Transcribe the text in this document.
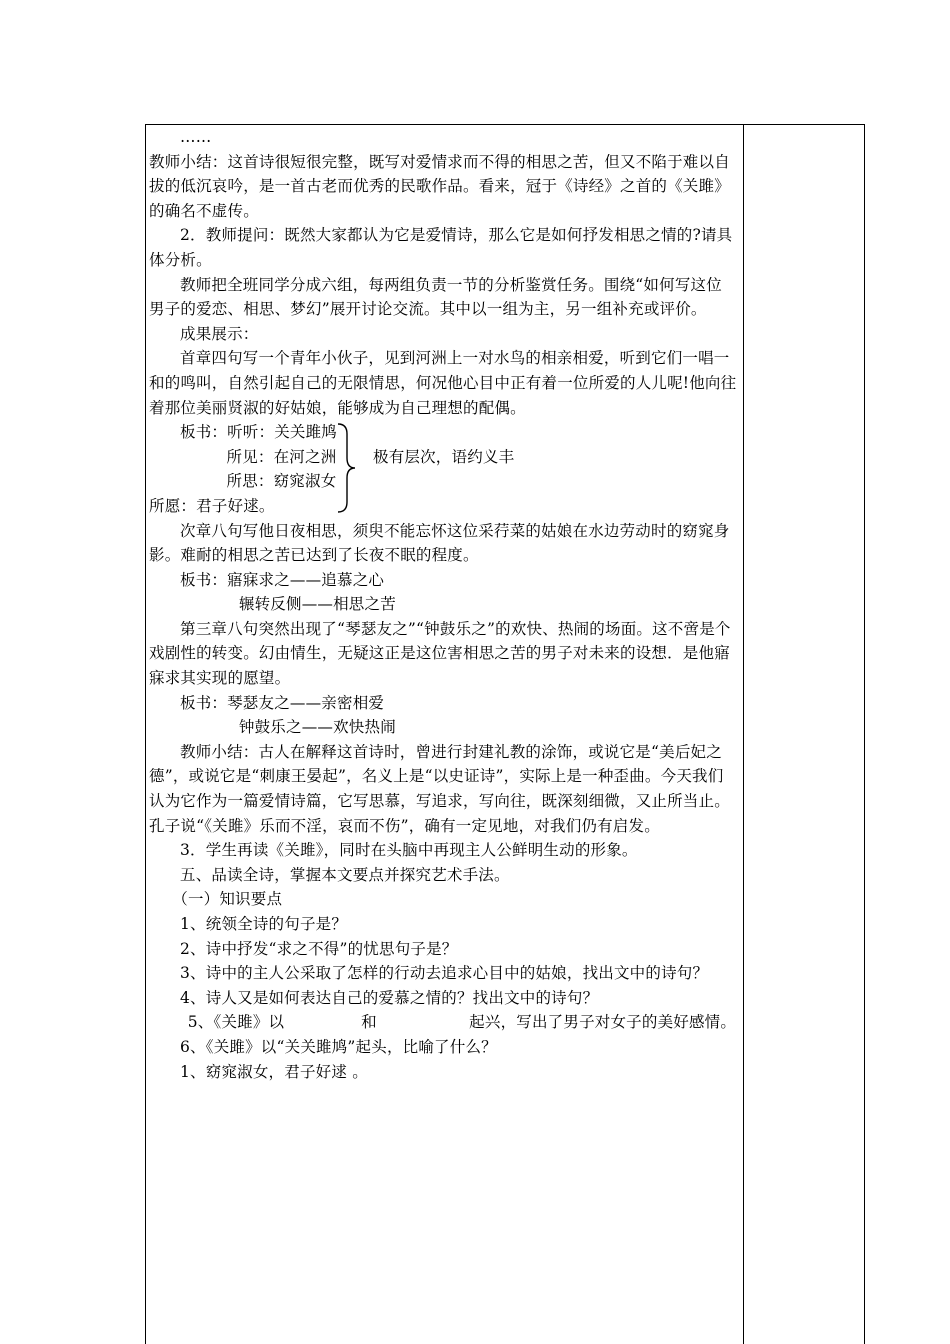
……

教师小结：这首诗很短很完整，既写对爱情求而不得的相思之苦，但又不陷于难以自拔的低沉哀吟，是一首古老而优秀的民歌作品。看来，冠于《诗经》之首的《关雎》的确名不虚传。

2．教师提问：既然大家都认为它是爱情诗，那么它是如何抒发相思之情的?请具体分析。

教师把全班同学分成六组，每两组负责一节的分析鉴赏任务。围绕“如何写这位男子的爱恋、相思、梦幻”展开讨论交流。其中以一组为主，另一组补充或评价。

成果展示：

首章四句写一个青年小伙子，见到河洲上一对水鸟的相亲相爱，听到它们一唱一和的鸣叫，自然引起自己的无限情思，何况他心目中正有着一位所爱的人儿呢!他向往着那位美丽贤淑的好姑娘，能够成为自己理想的配偶。

板书：听听：关关雎鸠
所见：在河之洲
所思：窈窕淑女
所愿：君子好逑。
极有层次，语约义丰

次章八句写他日夜相思，须臾不能忘怀这位采荇菜的姑娘在水边劳动时的窈窕身影。难耐的相思之苦已达到了长夜不眠的程度。

板书：寤寐求之——追慕之心

辗转反侧——相思之苦

第三章八句突然出现了“琴瑟友之”“钟鼓乐之”的欢快、热闹的场面。这不啻是个戏剧性的转变。幻由情生，无疑这正是这位害相思之苦的男子对未来的设想．是他寤寐求其实现的愿望。

板书：琴瑟友之——亲密相爱

钟鼓乐之——欢快热闹

教师小结：古人在解释这首诗时，曾进行封建礼教的涂饰，或说它是“美后妃之德”，或说它是“刺康王晏起”，名义上是“以史证诗”，实际上是一种歪曲。今天我们认为它作为一篇爱情诗篇，它写思慕，写追求，写向往，既深刻细微，又止所当止。孔子说“《关雎》乐而不淫，哀而不伤”，确有一定见地，对我们仍有启发。

3．学生再读《关雎》，同时在头脑中再现主人公鲜明生动的形象。

五、品读全诗，掌握本文要点并探究艺术手法。

（一）知识要点

1、统领全诗的句子是？

2、诗中抒发“求之不得”的忧思句子是？

3、诗中的主人公采取了怎样的行动去追求心目中的姑娘，找出文中的诗句？

4、诗人又是如何表达自己的爱慕之情的？找出文中的诗句？

5、《关雎》以	和	起兴，写出了男子对女子的美好感情。

6、《关雎》以“关关雎鸠”起头，比喻了什么？

1、窈窕淑女，君子好逑 。
